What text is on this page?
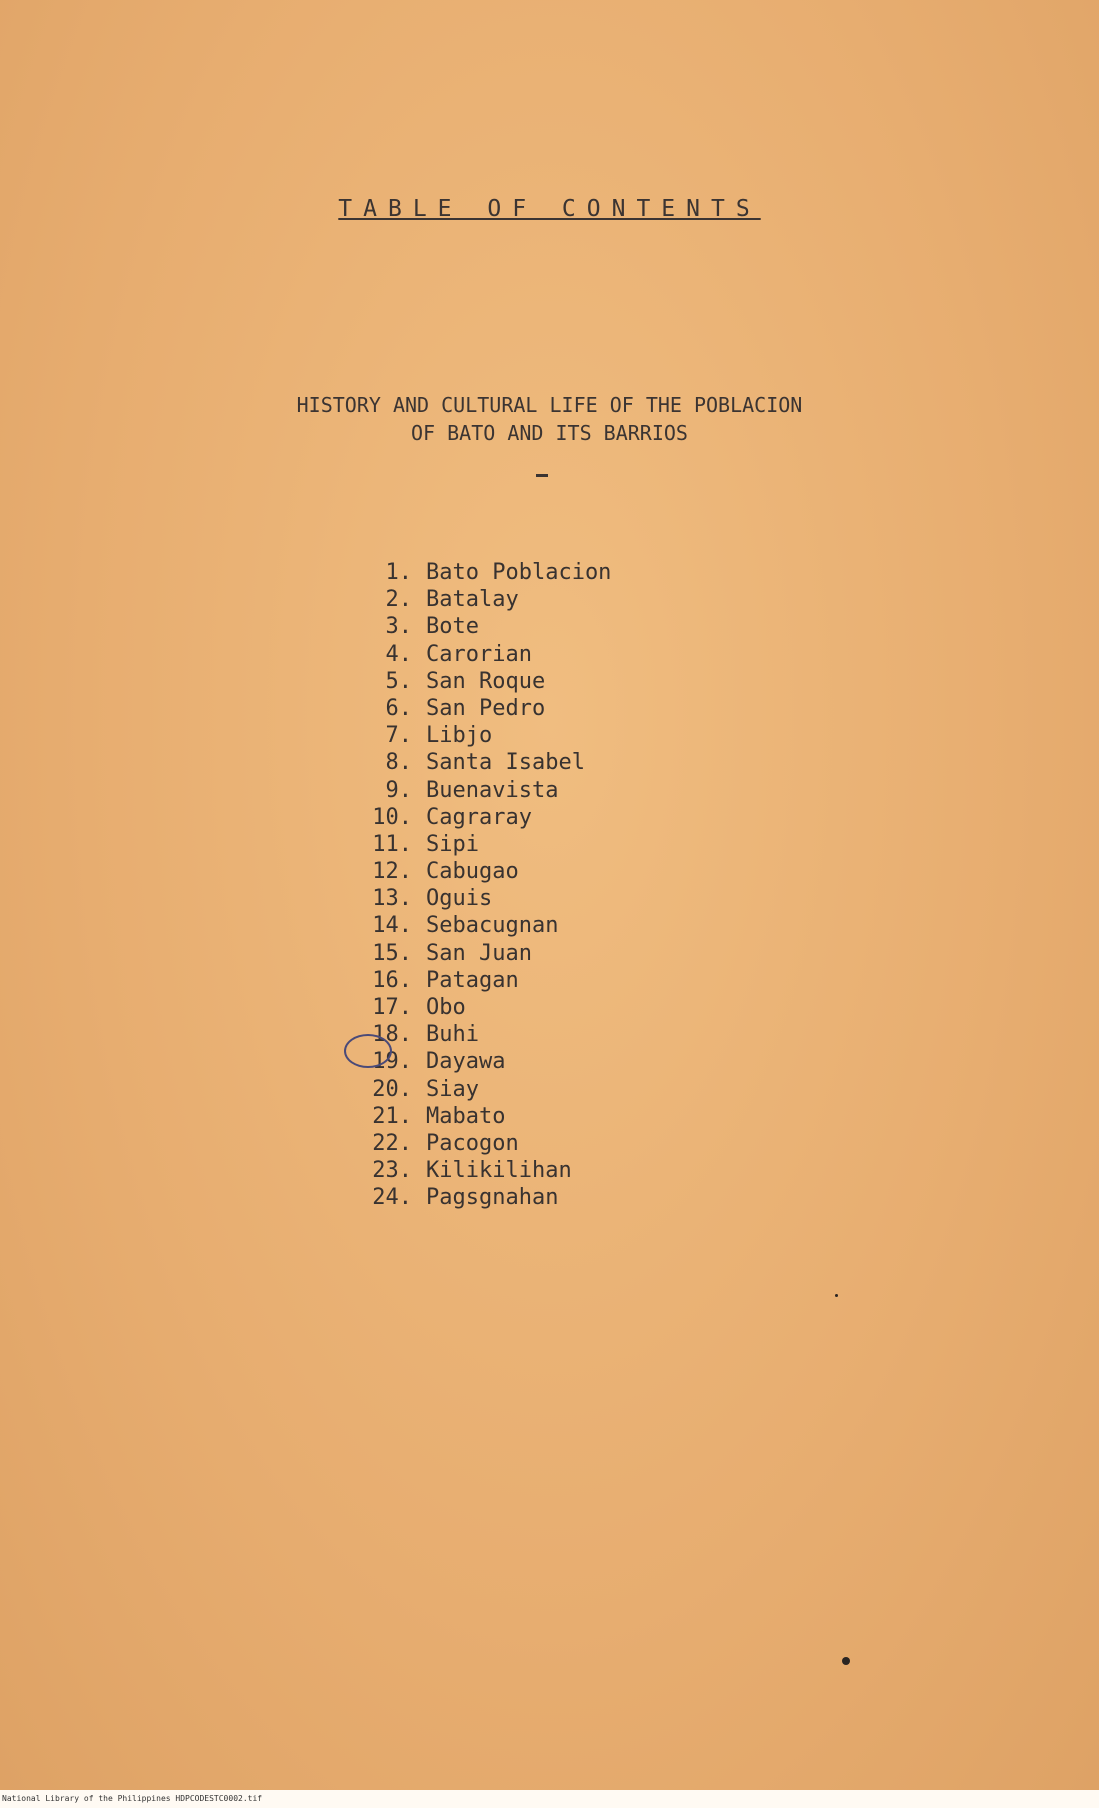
TABLE OF CONTENTS
HISTORY AND CULTURAL LIFE OF THE POBLACION
OF BATO AND ITS BARRIOS
1. Bato Poblacion
2. Batalay
3. Bote
4. Carorian
5. San Roque
6. San Pedro
7. Libjo
8. Santa Isabel
9. Buenavista
10. Cagraray
11. Sipi
12. Cabugao
13. Oguis
14. Sebacugnan
15. San Juan
16. Patagan
17. Obo
18. Buhi
19. Dayawa
20. Siay
21. Mabato
22. Pacogon
23. Kilikilihan
24. Pagsgnahan
National Library of the Philippines HDPCODESTC0002.tif
